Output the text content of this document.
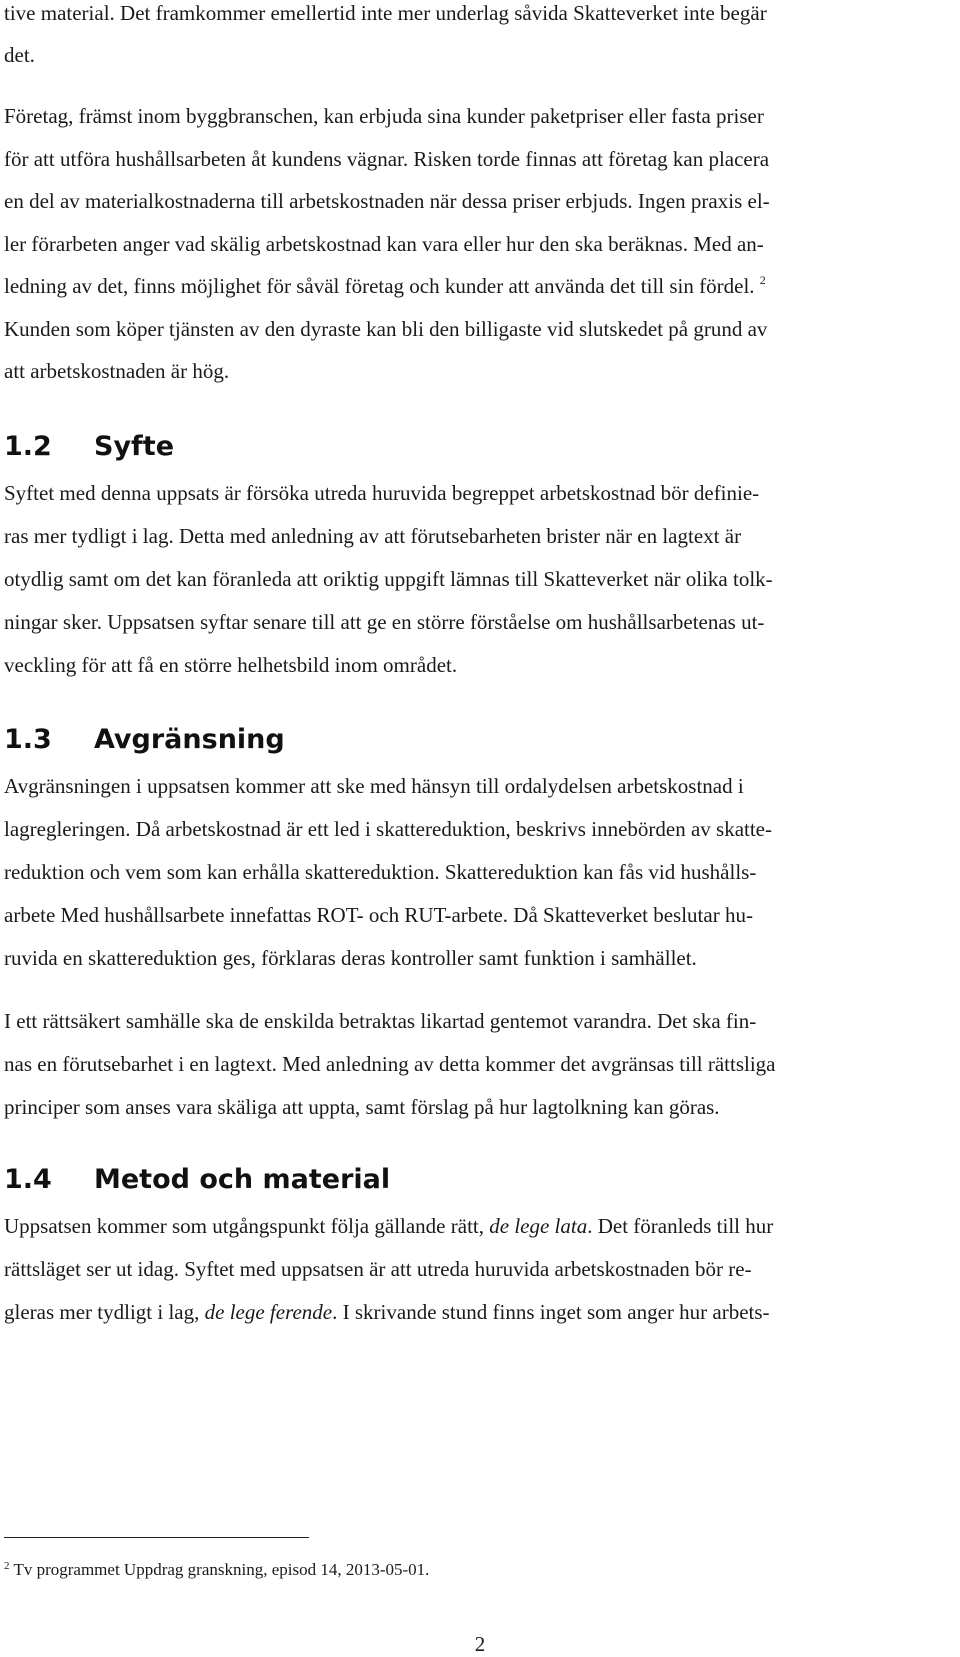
tive material. Det framkommer emellertid inte mer underlag såvida Skatteverket inte begär
det.
Företag, främst inom byggbranschen, kan erbjuda sina kunder paketpriser eller fasta priser
för att utföra hushållsarbeten åt kundens vägnar. Risken torde finnas att företag kan placera
en del av materialkostnaderna till arbetskostnaden när dessa priser erbjuds. Ingen praxis el-
ler förarbeten anger vad skälig arbetskostnad kan vara eller hur den ska beräknas. Med an-
ledning av det, finns möjlighet för såväl företag och kunder att använda det till sin fördel. $^2$
Kunden som köper tjänsten av den dyraste kan bli den billigaste vid slutskedet på grund av
att arbetskostnaden är hög.
1.2 Syfte
Syftet med denna uppsats är försöka utreda huruvida begreppet arbetskostnad bör definie-
ras mer tydligt i lag. Detta med anledning av att förutsebarheten brister när en lagtext är
otydlig samt om det kan föranleda att oriktig uppgift lämnas till Skatteverket när olika tolk-
ningar sker. Uppsatsen syftar senare till att ge en större förståelse om hushållsarbetenas ut-
veckling för att få en större helhetsbild inom området.
1.3 Avgränsning
Avgränsningen i uppsatsen kommer att ske med hänsyn till ordalydelsen arbetskostnad i
lagregleringen. Då arbetskostnad är ett led i skattereduktion, beskrivs innebörden av skatte-
reduktion och vem som kan erhålla skattereduktion. Skattereduktion kan fås vid hushålls-
arbete Med hushållsarbete innefattas ROT- och RUT-arbete. Då Skatteverket beslutar hu-
ruvida en skattereduktion ges, förklaras deras kontroller samt funktion i samhället.
I ett rättsäkert samhälle ska de enskilda betraktas likartad gentemot varandra. Det ska fin-
nas en förutsebarhet i en lagtext. Med anledning av detta kommer det avgränsas till rättsliga
principer som anses vara skäliga att uppta, samt förslag på hur lagtolkning kan göras.
1.4 Metod och material
Uppsatsen kommer som utgångspunkt följa gällande rätt, de lege lata. Det föranleds till hur
rättsläget ser ut idag. Syftet med uppsatsen är att utreda huruvida arbetskostnaden bör re-
gleras mer tydligt i lag, de lege ferende. I skrivande stund finns inget som anger hur arbets-
$^2$ Tv programmet Uppdrag granskning, episod 14, 2013-05-01.
2
